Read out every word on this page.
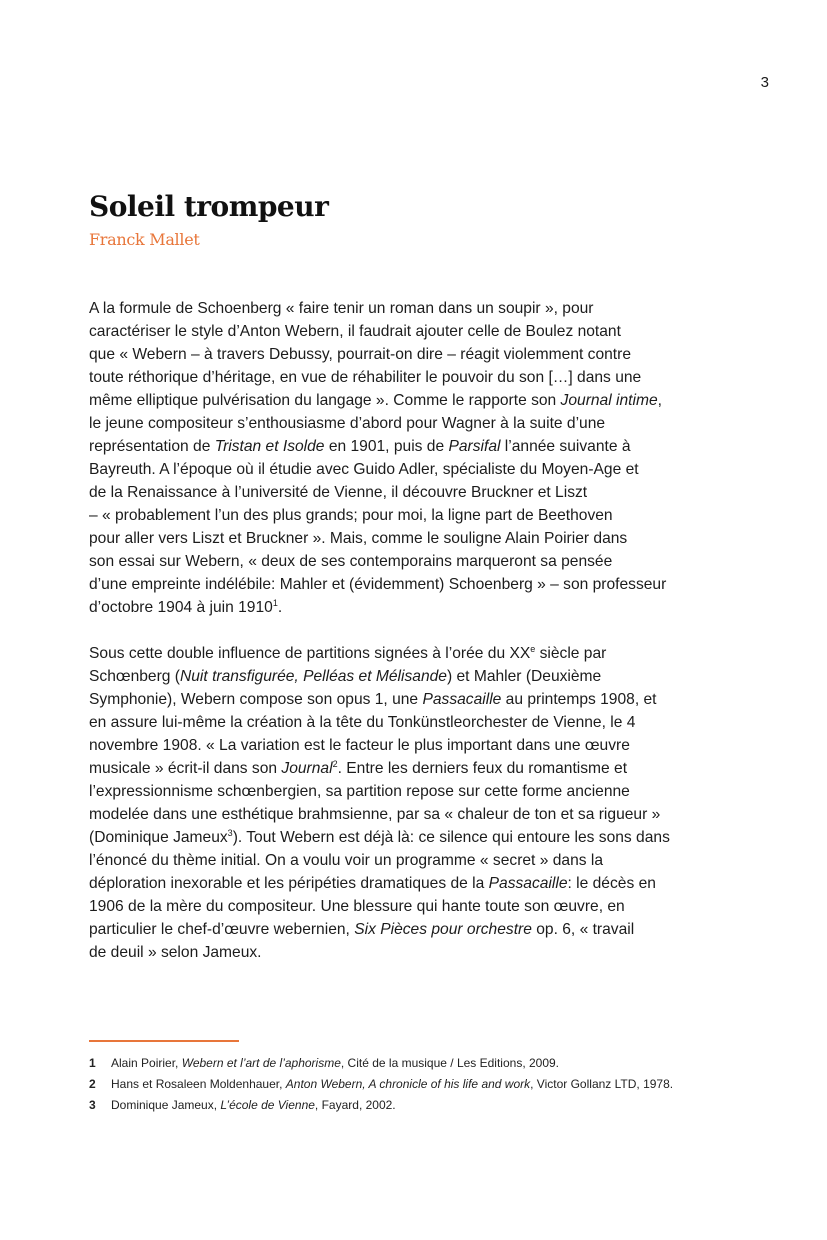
3
Soleil trompeur

Franck Mallet

A la formule de Schoenberg « faire tenir un roman dans un soupir », pour
caractériser le style d’Anton Webern, il faudrait ajouter celle de Boulez notant
que « Webern – à travers Debussy, pourrait-on dire – réagit violemment contre
toute réthorique d’héritage, en vue de réhabiliter le pouvoir du son […] dans une
même elliptique pulvérisation du langage ». Comme le rapporte son Journal intime,
le jeune compositeur s’enthousiasme d’abord pour Wagner à la suite d’une
représentation de Tristan et Isolde en 1901, puis de Parsifal l’année suivante à
Bayreuth. A l’époque où il étudie avec Guido Adler, spécialiste du Moyen-Age et
de la Renaissance à l’université de Vienne, il découvre Bruckner et Liszt
– « probablement l’un des plus grands; pour moi, la ligne part de Beethoven
pour aller vers Liszt et Bruckner ». Mais, comme le souligne Alain Poirier dans
son essai sur Webern, « deux de ses contemporains marqueront sa pensée
d’une empreinte indélébile: Mahler et (évidemment) Schoenberg » – son professeur
d’octobre 1904 à juin 1910$^1$.

Sous cette double influence de partitions signées à l’orée du XXe siècle par
Schœnberg (Nuit transfigurée, Pelléas et Mélisande) et Mahler (Deuxième
Symphonie), Webern compose son opus 1, une Passacaille au printemps 1908, et
en assure lui-même la création à la tête du Tonkünstleorchester de Vienne, le 4
novembre 1908. « La variation est le facteur le plus important dans une œuvre
musicale » écrit-il dans son Journal$^2$. Entre les derniers feux du romantisme et
l’expressionnisme schœnbergien, sa partition repose sur cette forme ancienne
modelée dans une esthétique brahmsienne, par sa « chaleur de ton et sa rigueur »
(Dominique Jameux$^3$). Tout Webern est déjà là: ce silence qui entoure les sons dans
l’énoncé du thème initial. On a voulu voir un programme « secret » dans la
déploration inexorable et les péripéties dramatiques de la Passacaille: le décès en
1906 de la mère du compositeur. Une blessure qui hante toute son œuvre, en
particulier le chef-d’œuvre webernien, Six Pièces pour orchestre op. 6, « travail
de deuil » selon Jameux.

1	Alain Poirier, Webern et l’art de l’aphorisme, Cité de la musique / Les Editions, 2009.
2	Hans et Rosaleen Moldenhauer, Anton Webern, A chronicle of his life and work, Victor Gollanz LTD, 1978.
3	Dominique Jameux, L’école de Vienne, Fayard, 2002.
